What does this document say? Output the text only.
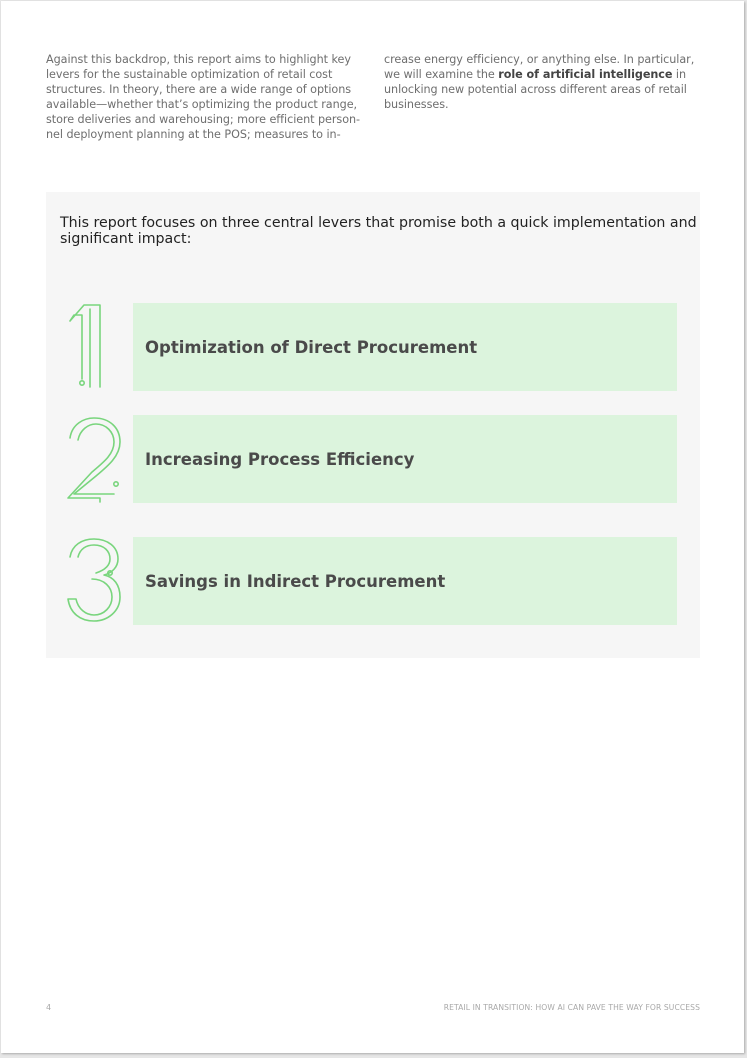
Against this backdrop, this report aims to highlight key
levers for the sustainable optimization of retail cost
structures. In theory, there are a wide range of options
available—whether that’s optimizing the product range,
store deliveries and warehousing; more efficient person-
nel deployment planning at the POS; measures to in-
crease energy efficiency, or anything else. In particular,
we will examine the role of artificial intelligence in
unlocking new potential across different areas of retail
businesses.
This report focuses on three central levers that promise both a quick implementation and
significant impact:
Optimization of Direct Procurement
Increasing Process Efficiency
Savings in Indirect Procurement
4	RETAIL IN TRANSITION: HOW AI CAN PAVE THE WAY FOR SUCCESS
